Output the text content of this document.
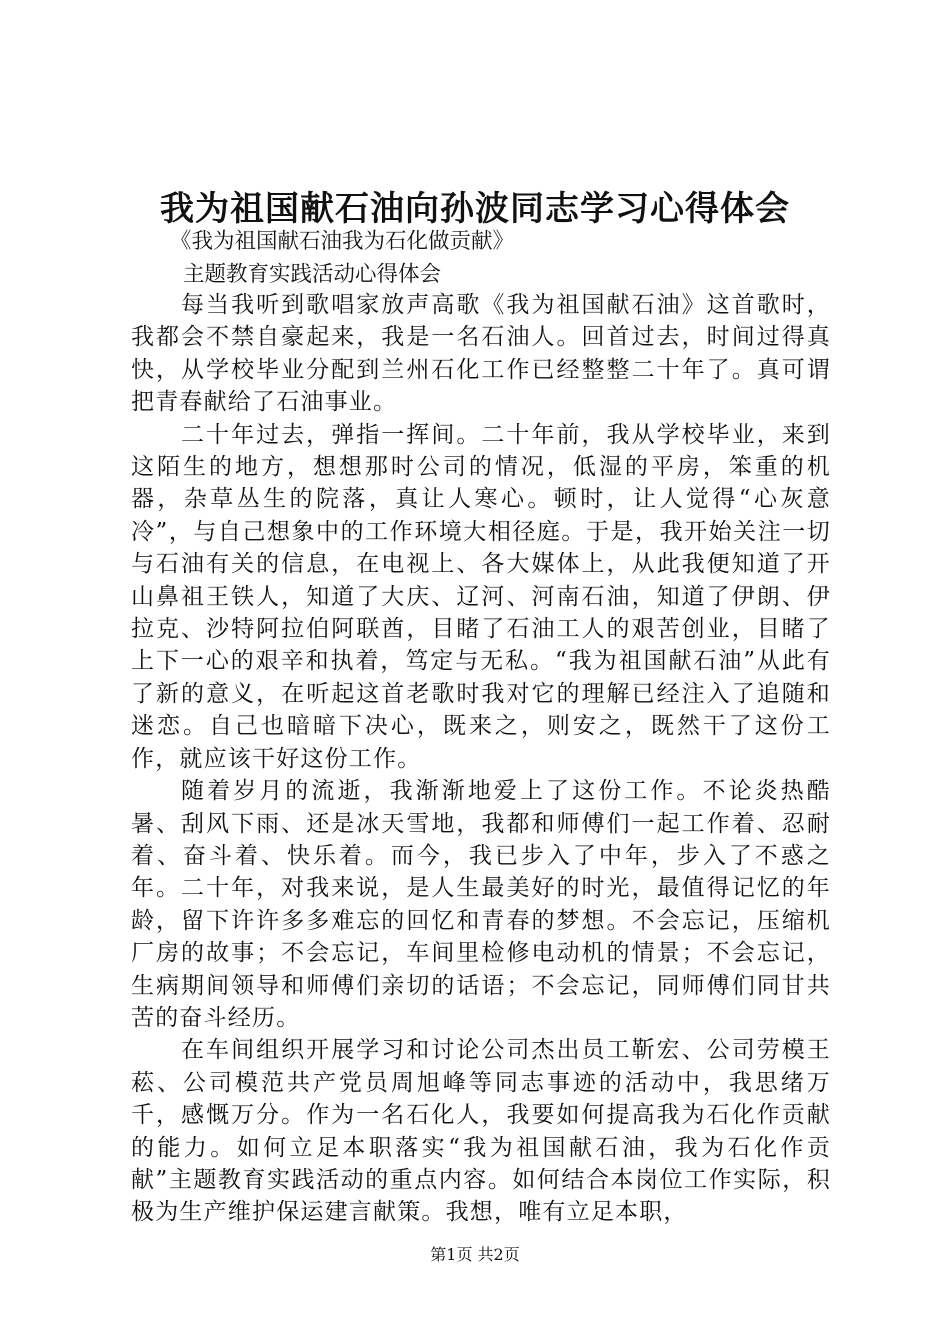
我为祖国献石油向孙波同志学习心得体会
《我为祖国献石油我为石化做贡献》
主题教育实践活动心得体会

每当我听到歌唱家放声高歌《我为祖国献石油》这首歌时，我都会不禁自豪起来，我是一名石油人。回首过去，时间过得真快，从学校毕业分配到兰州石化工作已经整整二十年了。真可谓把青春献给了石油事业。

二十年过去，弹指一挥间。二十年前，我从学校毕业，来到这陌生的地方，想想那时公司的情况，低湿的平房，笨重的机器，杂草丛生的院落，真让人寒心。顿时，让人觉得“心灰意冷”，与自己想象中的工作环境大相径庭。于是，我开始关注一切与石油有关的信息，在电视上、各大媒体上，从此我便知道了开山鼻祖王铁人，知道了大庆、辽河、河南石油，知道了伊朗、伊拉克、沙特阿拉伯阿联酋，目睹了石油工人的艰苦创业，目睹了上下一心的艰辛和执着，笃定与无私。“我为祖国献石油”从此有了新的意义，在听起这首老歌时我对它的理解已经注入了追随和迷恋。自己也暗暗下决心，既来之，则安之，既然干了这份工作，就应该干好这份工作。

随着岁月的流逝，我渐渐地爱上了这份工作。不论炎热酷暑、刮风下雨、还是冰天雪地，我都和师傅们一起工作着、忍耐着、奋斗着、快乐着。而今，我已步入了中年，步入了不惑之年。二十年，对我来说，是人生最美好的时光，最值得记忆的年龄，留下许许多多难忘的回忆和青春的梦想。不会忘记，压缩机厂房的故事；不会忘记，车间里检修电动机的情景；不会忘记，生病期间领导和师傅们亲切的话语；不会忘记，同师傅们同甘共苦的奋斗经历。

在车间组织开展学习和讨论公司杰出员工靳宏、公司劳模王菘、公司模范共产党员周旭峰等同志事迹的活动中，我思绪万千，感慨万分。作为一名石化人，我要如何提高我为石化作贡献的能力。如何立足本职落实“我为祖国献石油，我为石化作贡献”主题教育实践活动的重点内容。如何结合本岗位工作实际，积极为生产维护保运建言献策。我想，唯有立足本职，

第1页 共2页
